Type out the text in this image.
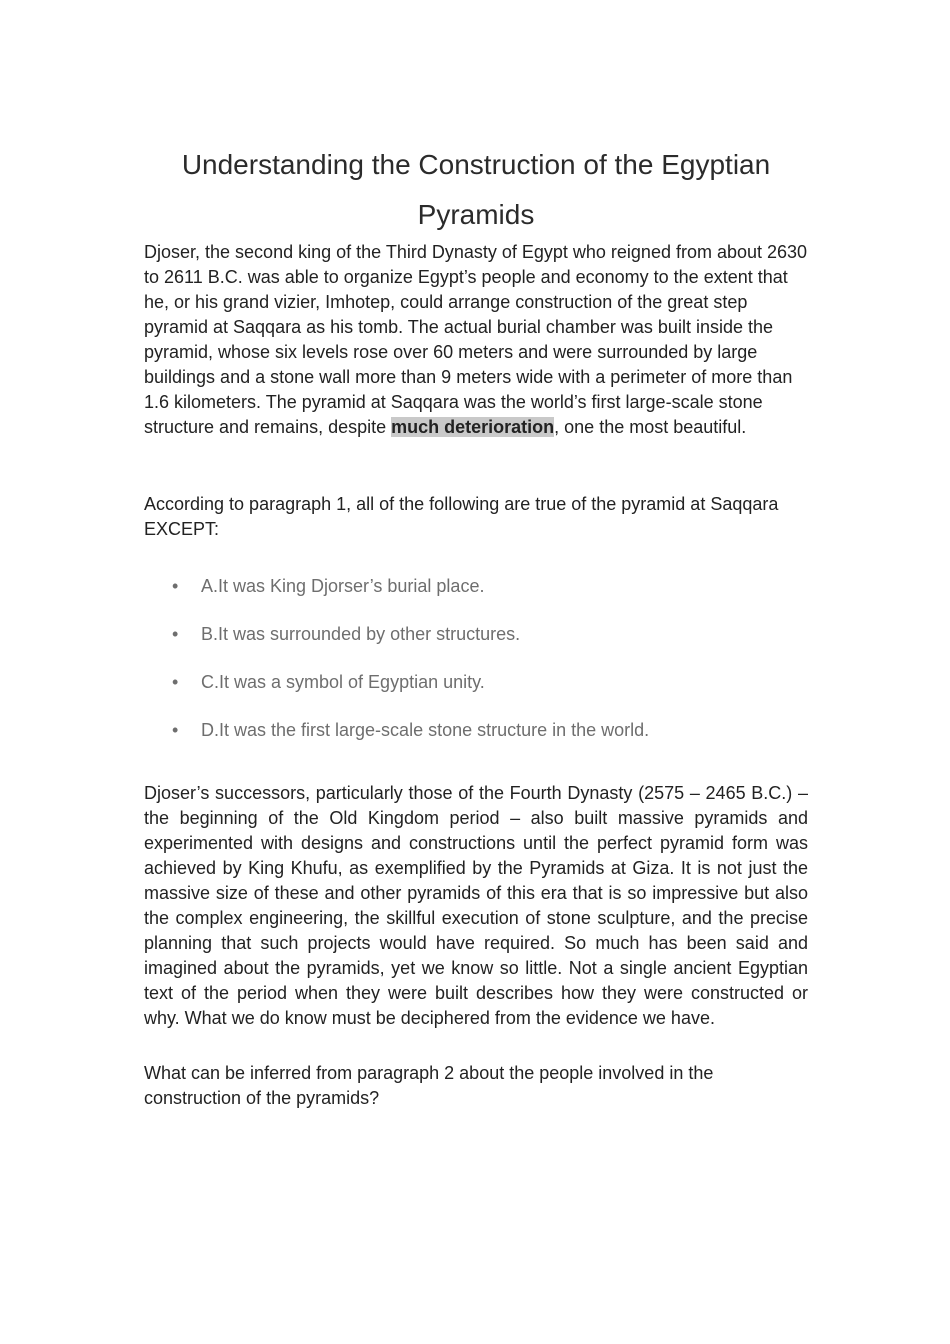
Understanding the Construction of the Egyptian
Pyramids

Djoser, the second king of the Third Dynasty of Egypt who reigned from about 2630 to 2611 B.C. was able to organize Egypt’s people and economy to the extent that he, or his grand vizier, Imhotep, could arrange construction of the great step pyramid at Saqqara as his tomb. The actual burial chamber was built inside the pyramid, whose six levels rose over 60 meters and were surrounded by large buildings and a stone wall more than 9 meters wide with a perimeter of more than 1.6 kilometers. The pyramid at Saqqara was the world’s first large-scale stone structure and remains, despite much deterioration, one the most beautiful.

According to paragraph 1, all of the following are true of the pyramid at Saqqara EXCEPT:

• A.It was King Djorser’s burial place.
• B.It was surrounded by other structures.
• C.It was a symbol of Egyptian unity.
• D.It was the first large-scale stone structure in the world.

Djoser’s successors, particularly those of the Fourth Dynasty (2575 – 2465 B.C.) – the beginning of the Old Kingdom period – also built massive pyramids and experimented with designs and constructions until the perfect pyramid form was achieved by King Khufu, as exemplified by the Pyramids at Giza. It is not just the massive size of these and other pyramids of this era that is so impressive but also the complex engineering, the skillful execution of stone sculpture, and the precise planning that such projects would have required. So much has been said and imagined about the pyramids, yet we know so little. Not a single ancient Egyptian text of the period when they were built describes how they were constructed or why. What we do know must be deciphered from the evidence we have.

What can be inferred from paragraph 2 about the people involved in the construction of the pyramids?
